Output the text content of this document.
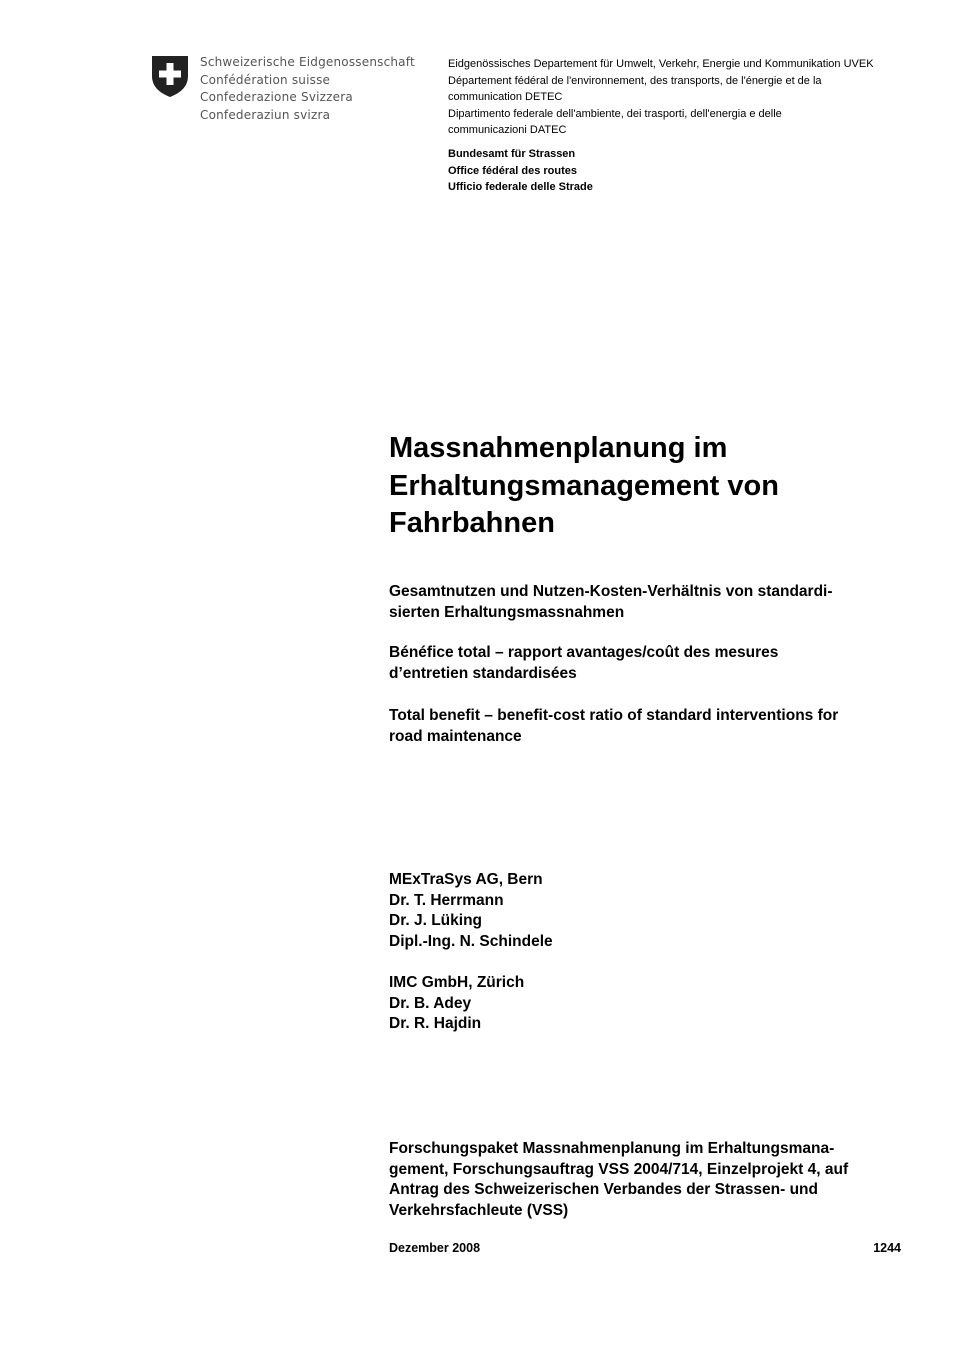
Schweizerische Eidgenossenschaft
Confédération suisse
Confederazione Svizzera
Confederaziun svizra
Eidgenössisches Departement für Umwelt, Verkehr, Energie und Kommunikation UVEK
Département fédéral de l'environnement, des transports, de l'énergie et de la
communication DETEC
Dipartimento federale dell'ambiente, dei trasporti, dell'energia e delle
communicazioni DATEC
Bundesamt für Strassen
Office fédéral des routes
Ufficio federale delle Strade
Massnahmenplanung im
Erhaltungsmanagement von
Fahrbahnen
Gesamtnutzen und Nutzen-Kosten-Verhältnis von standardi-
sierten Erhaltungsmassnahmen
Bénéfice total – rapport avantages/coût des mesures
d’entretien standardisées
Total benefit – benefit-cost ratio of standard interventions for
road maintenance
MExTraSys AG, Bern
Dr. T. Herrmann
Dr. J. Lüking
Dipl.-Ing. N. Schindele
IMC GmbH, Zürich
Dr. B. Adey
Dr. R. Hajdin
Forschungspaket Massnahmenplanung im Erhaltungsmana-
gement, Forschungsauftrag VSS 2004/714, Einzelprojekt 4, auf
Antrag des Schweizerischen Verbandes der Strassen- und
Verkehrsfachleute (VSS)
Dezember 2008	1244
